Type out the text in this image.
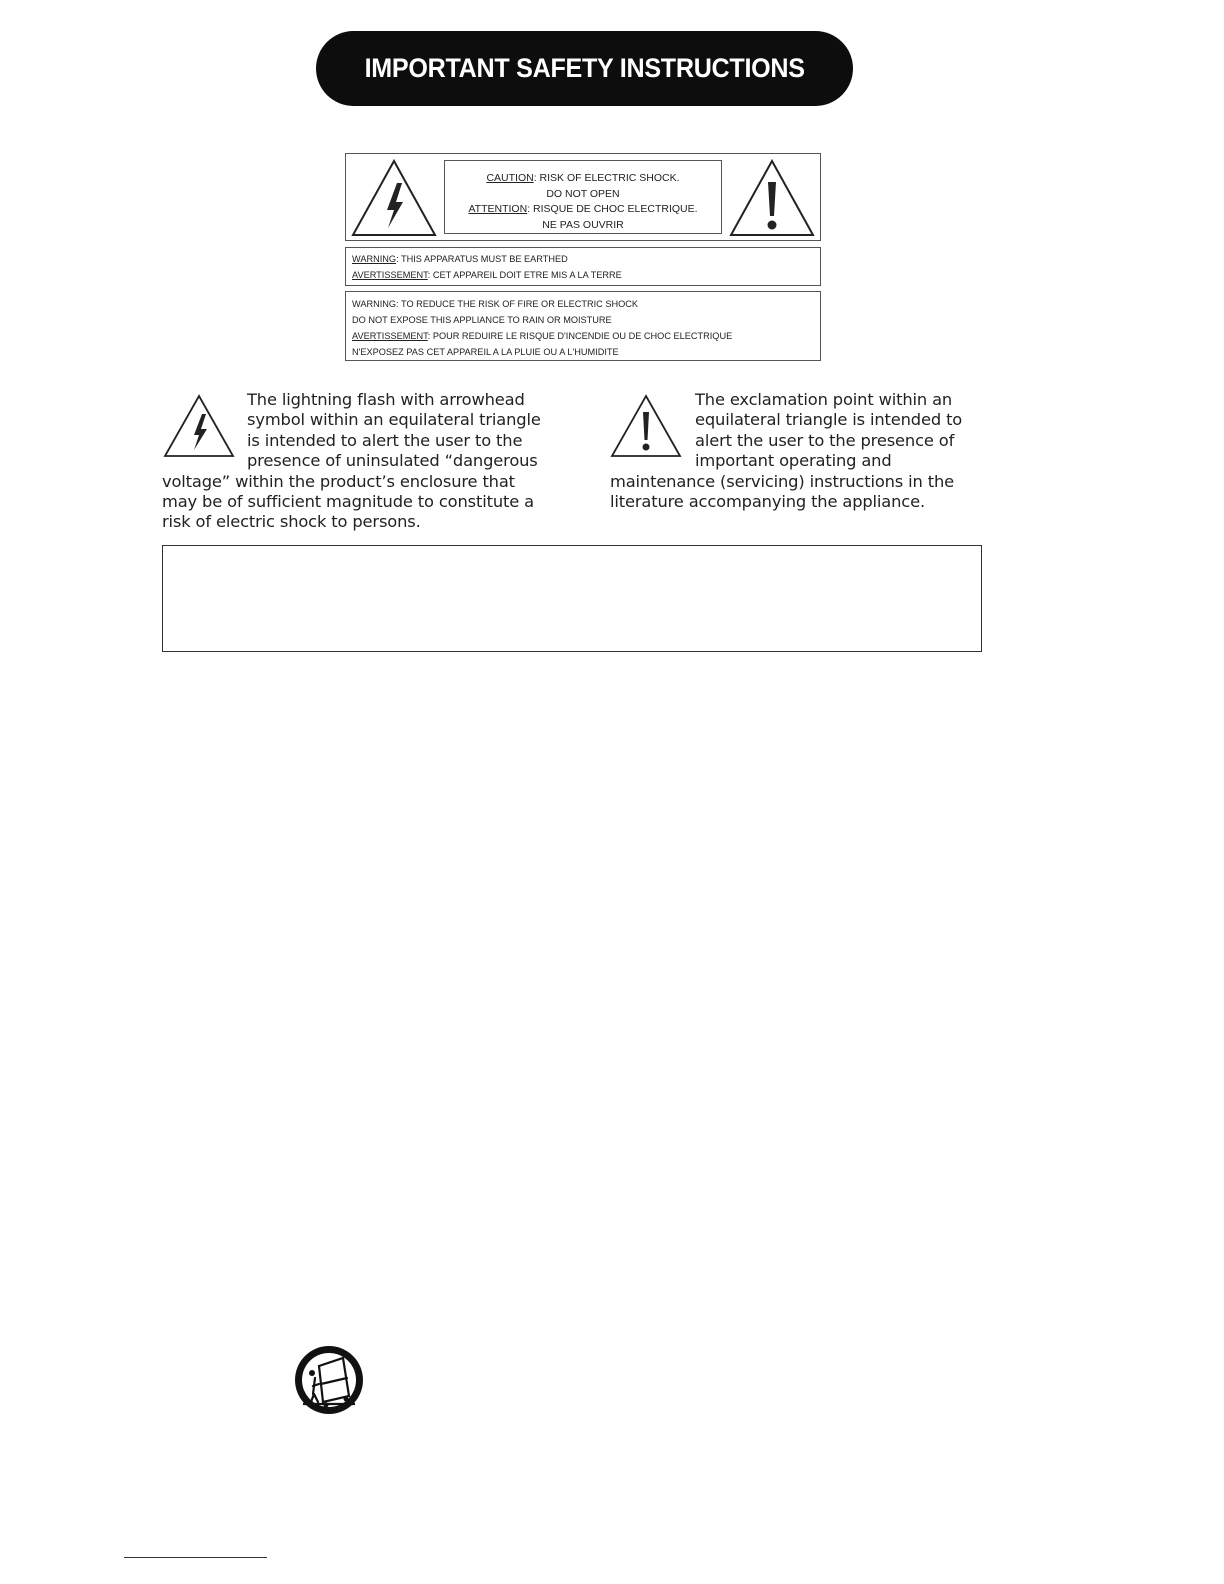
IMPORTANT SAFETY INSTRUCTIONS
CAUTION: RISK OF ELECTRIC SHOCK.
DO NOT OPEN
ATTENTION: RISQUE DE CHOC ELECTRIQUE.
NE PAS OUVRIR
WARNING: THIS APPARATUS MUST BE EARTHED
AVERTISSEMENT: CET APPAREIL DOIT ETRE MIS A LA TERRE
WARNING: TO REDUCE THE RISK OF FIRE OR ELECTRIC SHOCK
DO NOT EXPOSE THIS APPLIANCE TO RAIN OR MOISTURE
AVERTISSEMENT: POUR REDUIRE LE RISQUE D'INCENDIE OU DE CHOC ELECTRIQUE
N'EXPOSEZ PAS CET APPAREIL A LA PLUIE OU A L'HUMIDITE
The lightning flash with arrowhead
symbol within an equilateral triangle
is intended to alert the user to the
presence of uninsulated “dangerous
voltage” within the product’s enclosure that
may be of sufficient magnitude to constitute a
risk of electric shock to persons.
The exclamation point within an
equilateral triangle is intended to
alert the user to the presence of
important operating and
maintenance (servicing) instructions in the
literature accompanying the appliance.
